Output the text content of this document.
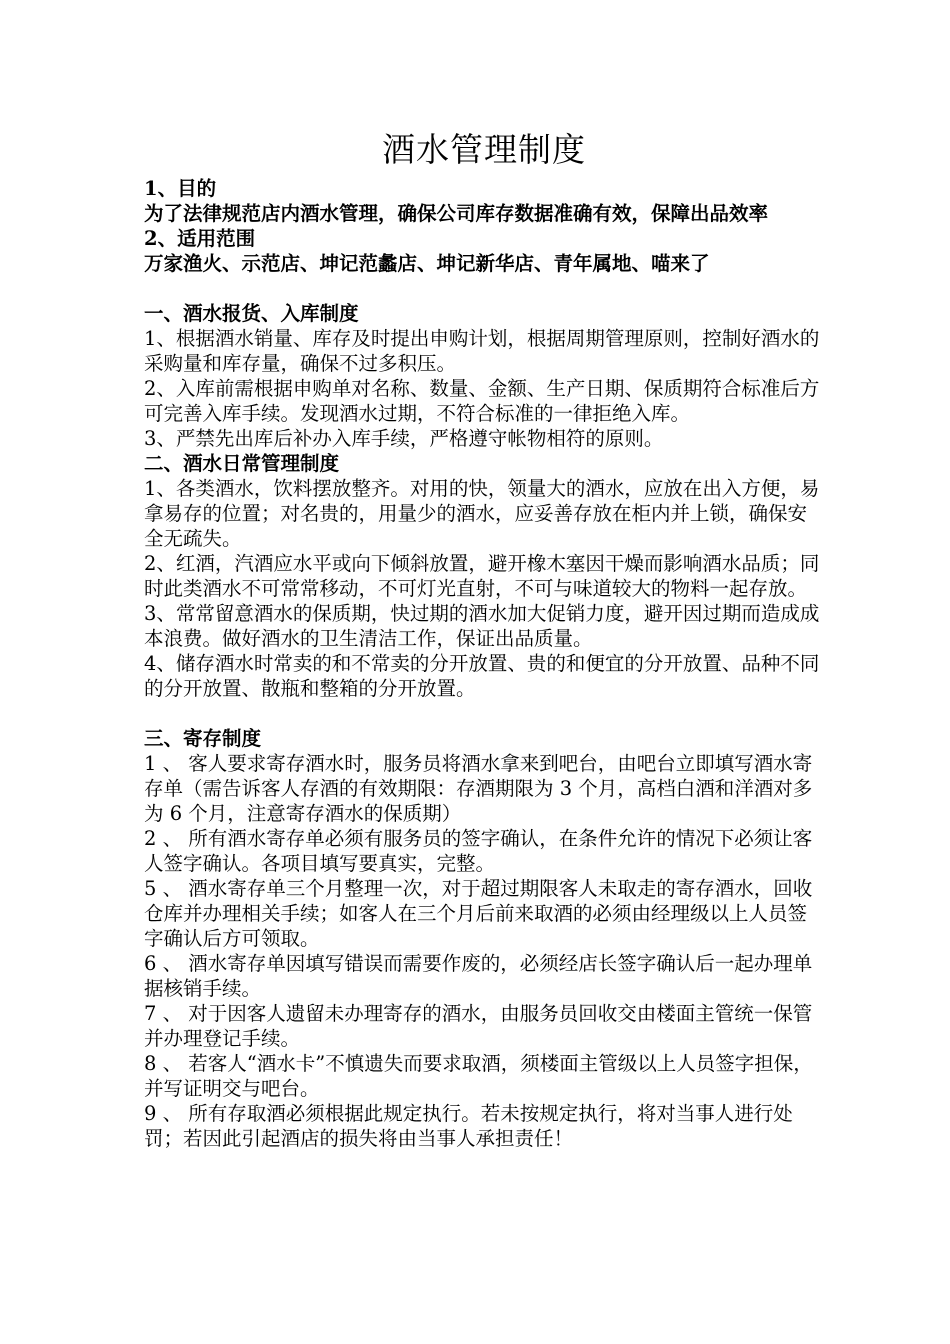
酒水管理制度

1、目的

为了法律规范店内酒水管理，确保公司库存数据准确有效，保障出品效率

2、适用范围

万家渔火、示范店、坤记范蠡店、坤记新华店、青年属地、喵来了

一、酒水报货、入库制度

1、根据酒水销量、库存及时提出申购计划，根据周期管理原则，控制好酒水的采购量和库存量，确保不过多积压。

2、入库前需根据申购单对名称、数量、金额、生产日期、保质期符合标准后方可完善入库手续。发现酒水过期，不符合标准的一律拒绝入库。

3、严禁先出库后补办入库手续，严格遵守帐物相符的原则。

二、酒水日常管理制度

1、各类酒水，饮料摆放整齐。对用的快，领量大的酒水，应放在出入方便，易拿易存的位置；对名贵的，用量少的酒水，应妥善存放在柜内并上锁，确保安全无疏失。

2、红酒，汽酒应水平或向下倾斜放置，避开橡木塞因干燥而影响酒水品质；同时此类酒水不可常常移动，不可灯光直射，不可与味道较大的物料一起存放。

3、常常留意酒水的保质期，快过期的酒水加大促销力度，避开因过期而造成成本浪费。做好酒水的卫生清洁工作，保证出品质量。

4、储存酒水时常卖的和不常卖的分开放置、贵的和便宜的分开放置、品种不同的分开放置、散瓶和整箱的分开放置。

三、寄存制度

1 、 客人要求寄存酒水时，服务员将酒水拿来到吧台，由吧台立即填写酒水寄存单（需告诉客人存酒的有效期限：存酒期限为 3 个月，高档白酒和洋酒对多为 6 个月，注意寄存酒水的保质期）

2 、 所有酒水寄存单必须有服务员的签字确认，在条件允许的情况下必须让客人签字确认。各项目填写要真实，完整。

5 、 酒水寄存单三个月整理一次，对于超过期限客人未取走的寄存酒水，回收仓库并办理相关手续；如客人在三个月后前来取酒的必须由经理级以上人员签字确认后方可领取。

6 、 酒水寄存单因填写错误而需要作废的，必须经店长签字确认后一起办理单据核销手续。

7 、 对于因客人遗留未办理寄存的酒水，由服务员回收交由楼面主管统一保管并办理登记手续。

8 、 若客人“酒水卡”不慎遗失而要求取酒，须楼面主管级以上人员签字担保，并写证明交与吧台。

9 、 所有存取酒必须根据此规定执行。若未按规定执行，将对当事人进行处罚；若因此引起酒店的损失将由当事人承担责任！
